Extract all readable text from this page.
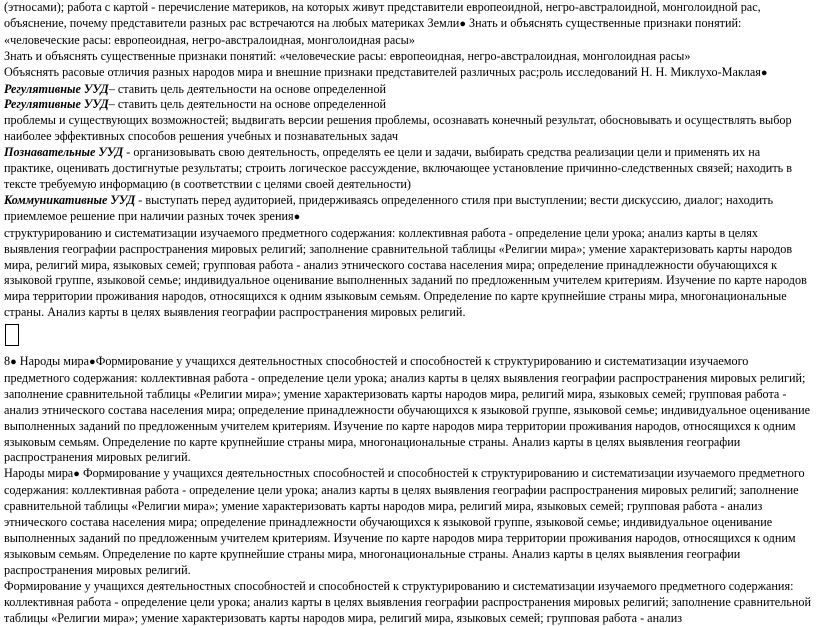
(этносами); работа с картой - перечисление материков, на которых живут представители европеоидной, негро-австралоидной, монголоидной рас, объяснение, почему представители разных рас встречаются на любых материках Земли● Знать и объяснять существенные признаки понятий: «человеческие расы: европеоидная, негро-австралоидная, монголоидная расы»

Знать и объяснять существенные признаки понятий: «человеческие расы: европеоидная, негро-австралоидная, монголоидная расы»

Объяснять расовые отличия разных народов мира и внешние признаки представителей различных рас;роль исследований Н. Н. Миклухо-Маклая● Регулятивные УУД– ставить цель деятельности на основе определенной

Регулятивные УУД– ставить цель деятельности на основе определенной

проблемы и существующих возможностей; выдвигать версии решения проблемы, осознавать конечный результат, обосновывать и осуществлять выбор наиболее эффективных способов решения учебных и познавательных задач

Познавательные УУД - организовывать свою деятельность, определять ее цели и задачи, выбирать средства реализации цели и применять их на практике, оценивать достигнутые результаты; строить логическое рассуждение, включающее установление причинно-следственных связей; находить в тексте требуемую информацию (в соответствии с целями своей деятельности)

Коммуникативные УУД - выступать перед аудиторией, придерживаясь определенного стиля при выступлении; вести дискуссию, диалог; находить приемлемое решение при наличии разных точек зрения●

структурированию и систематизации изучаемого предметного содержания: коллективная работа - определение цели урока; анализ карты в целях выявления географии распространения мировых религий; заполнение сравнительной таблицы «Религии мира»; умение характеризовать карты народов мира, религий мира, языковых семей; групповая работа - анализ этнического состава населения мира; определение принадлежности обучающихся к языковой группе, языковой семье; индивидуальное оценивание выполненных заданий по предложенным учителем критериям. Изучение по карте народов мира территории проживания народов, относящихся к одним языковым семьям. Определение по карте крупнейшие страны мира, многонациональные страны. Анализ карты в целях выявления географии распространения мировых религий.

8● Народы мира●Формирование у учащихся деятельностных способностей и способностей к структурированию и систематизации изучаемого предметного содержания: коллективная работа - определение цели урока; анализ карты в целях выявления географии распространения мировых религий; заполнение сравнительной таблицы «Религии мира»; умение характеризовать карты народов мира, религий мира, языковых семей; групповая работа - анализ этнического состава населения мира; определение принадлежности обучающихся к языковой группе, языковой семье; индивидуальное оценивание выполненных заданий по предложенным учителем критериям. Изучение по карте народов мира территории проживания народов, относящихся к одним языковым семьям. Определение по карте крупнейшие страны мира, многонациональные страны. Анализ карты в целях выявления географии распространения мировых религий.

Народы мира● Формирование у учащихся деятельностных способностей и способностей к структурированию и систематизации изучаемого предметного содержания: коллективная работа - определение цели урока; анализ карты в целях выявления географии распространения мировых религий; заполнение сравнительной таблицы «Религии мира»; умение характеризовать карты народов мира, религий мира, языковых семей; групповая работа - анализ этнического состава населения мира; определение принадлежности обучающихся к языковой группе, языковой семье; индивидуальное оценивание выполненных заданий по предложенным учителем критериям. Изучение по карте народов мира территории проживания народов, относящихся к одним языковым семьям. Определение по карте крупнейшие страны мира, многонациональные страны. Анализ карты в целях выявления географии распространения мировых религий.

Формирование у учащихся деятельностных способностей и способностей к структурированию и систематизации изучаемого предметного содержания: коллективная работа - определение цели урока; анализ карты в целях выявления географии распространения мировых религий; заполнение сравнительной таблицы «Религии мира»; умение характеризовать карты народов мира, религий мира, языковых семей; групповая работа - анализ
